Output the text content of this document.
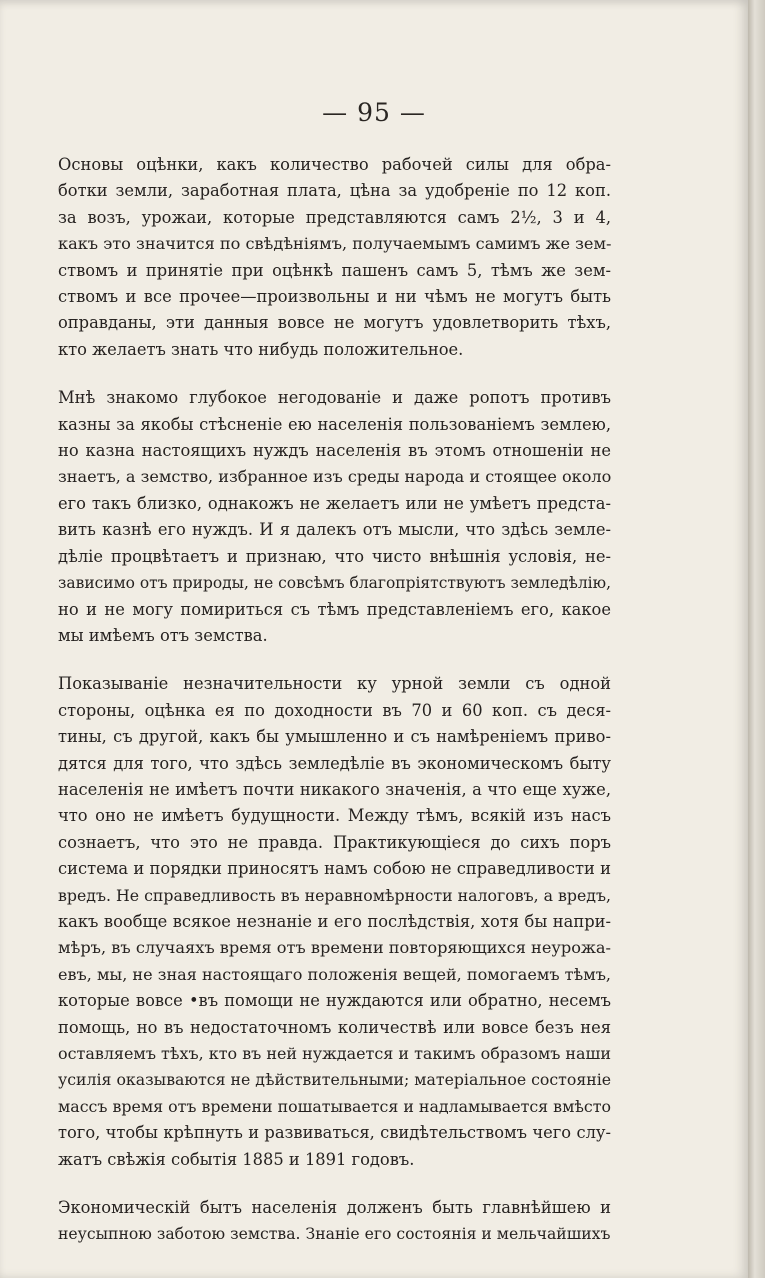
— 95 —
Основы оцѣнки, какъ количество рабочей силы для обра-
ботки земли, заработная плата, цѣна за удобреніе по 12 коп.
за возъ, урожаи, которые представляются самъ 2½, 3 и 4,
какъ это значится по свѣдѣніямъ, получаемымъ самимъ же зем-
ствомъ и принятіе при оцѣнкѣ пашенъ самъ 5, тѣмъ же зем-
ствомъ и все прочее—произвольны и ни чѣмъ не могутъ быть
оправданы, эти данныя вовсе не могутъ удовлетворить тѣхъ,
кто желаетъ знать что нибудь положительное.
Мнѣ знакомо глубокое негодованіе и даже ропотъ противъ
казны за якобы стѣсненіе ею населенія пользованіемъ землею,
но казна настоящихъ нуждъ населенія въ этомъ отношеніи не
знаетъ, а земство, избранное изъ среды народа и стоящее около
его такъ близко, однакожъ не желаетъ или не умѣетъ предста-
вить казнѣ его нуждъ. И я далекъ отъ мысли, что здѣсь земле-
дѣліе процвѣтаетъ и признаю, что чисто внѣшнія условія, не-
зависимо отъ природы, не совсѣмъ благопріятствуютъ земледѣлію,
но и не могу помириться съ тѣмъ представленіемъ его, какое
мы имѣемъ отъ земства.
Показываніе незначительности ку урной земли съ одной
стороны, оцѣнка ея по доходности въ 70 и 60 коп. съ деся-
тины, съ другой, какъ бы умышленно и съ намѣреніемъ приво-
дятся для того, что здѣсь земледѣліе въ экономическомъ быту
населенія не имѣетъ почти никакого значенія, а что еще хуже,
что оно не имѣетъ будущности. Между тѣмъ, всякій изъ насъ
сознаетъ, что это не правда. Практикующіеся до сихъ поръ
система и порядки приносятъ намъ собою не справедливости и
вредъ. Не справедливость въ неравномѣрности налоговъ, а вредъ,
какъ вообще всякое незнаніе и его послѣдствія, хотя бы напри-
мѣръ, въ случаяхъ время отъ времени повторяющихся неурожа-
евъ, мы, не зная настоящаго положенія вещей, помогаемъ тѣмъ,
которые вовсе •въ помощи не нуждаются или обратно, несемъ
помощь, но въ недостаточномъ количествѣ или вовсе безъ нея
оставляемъ тѣхъ, кто въ ней нуждается и такимъ образомъ наши
усилія оказываются не дѣйствительными; матеріальное состояніе
массъ время отъ времени пошатывается и надламывается вмѣсто
того, чтобы крѣпнуть и развиваться, свидѣтельствомъ чего слу-
жатъ свѣжія событія 1885 и 1891 годовъ.
Экономическій бытъ населенія долженъ быть главнѣйшею и
неусыпною заботою земства. Знаніе его состоянія и мельчайшихъ
